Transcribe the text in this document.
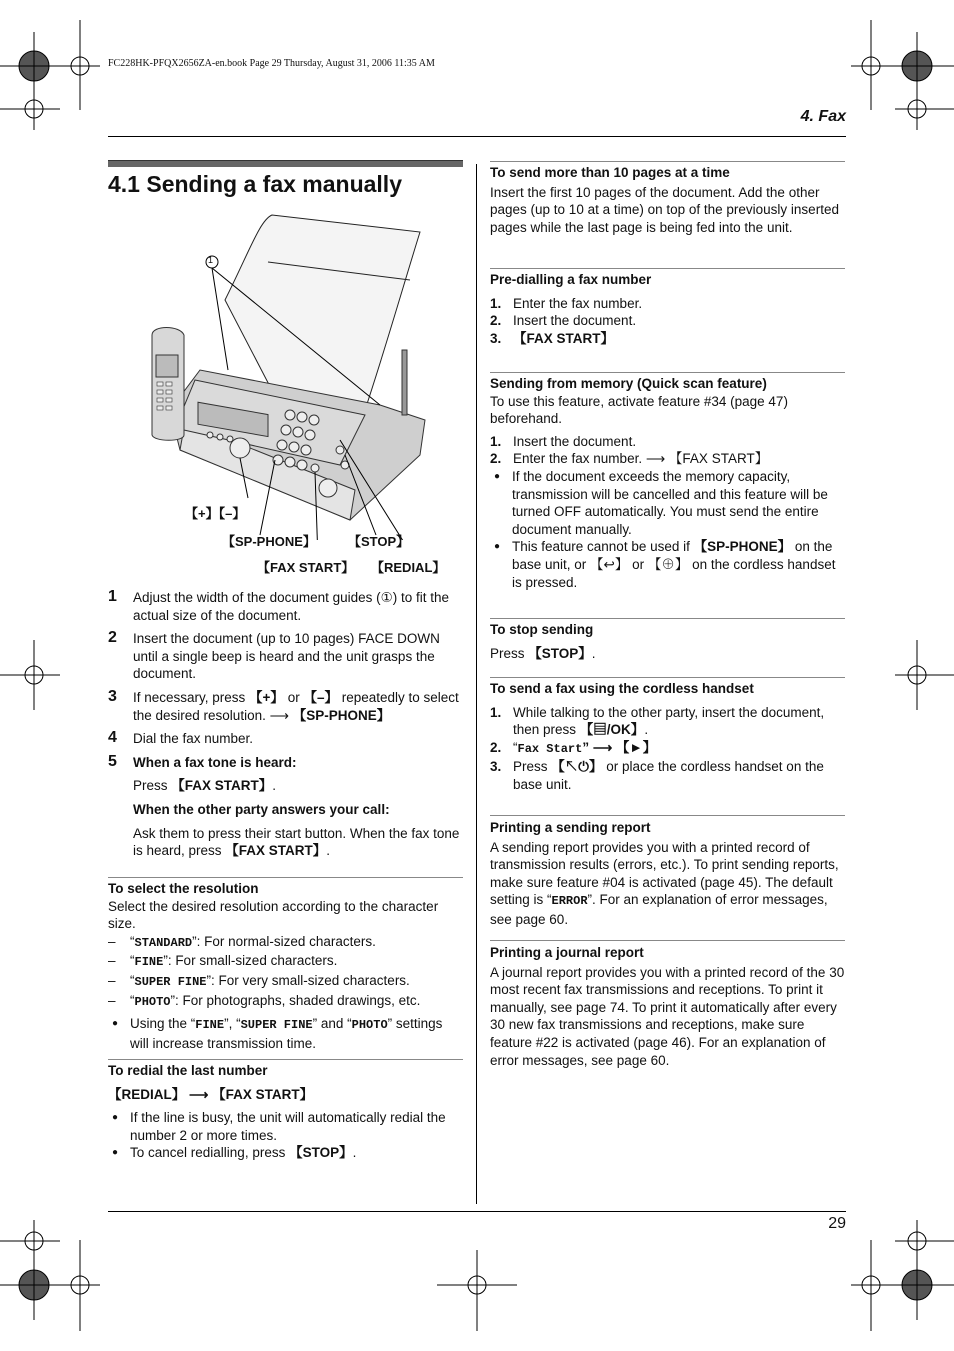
FC228HK-PFQX2656ZA-en.book Page 29 Thursday, August 31, 2006 11:35 AM
4. Fax
4.1 Sending a fax manually
1
【+】【–】
【SP-PHONE】 【STOP】
【FAX START】 【REDIAL】

1 Adjust the width of the document guides (①) to fit the actual size of the document.

2 Insert the document (up to 10 pages) FACE DOWN until a single beep is heard and the unit grasps the document.

3 If necessary, press 【+】 or 【–】 repeatedly to select the desired resolution. ⟶ 【SP-PHONE】

4 Dial the fax number.

5 When a fax tone is heard:

Press 【FAX START】.

When the other party answers your call:

Ask them to press their start button. When the fax tone is heard, press 【FAX START】.

To select the resolution

Select the desired resolution according to the character size.

– “STANDARD”: For normal-sized characters.

– “FINE”: For small-sized characters.

– “SUPER FINE”: For very small-sized characters.

– “PHOTO”: For photographs, shaded drawings, etc.

● Using the “FINE”, “SUPER FINE” and “PHOTO” settings will increase transmission time.

To redial the last number

【REDIAL】 ⟶ 【FAX START】

● If the line is busy, the unit will automatically redial the number 2 or more times.

● To cancel redialling, press 【STOP】.

To send more than 10 pages at a time

Insert the first 10 pages of the document. Add the other pages (up to 10 at a time) on top of the previously inserted pages while the last page is being fed into the unit.

Pre-dialling a fax number

1. Enter the fax number.

2. Insert the document.

3. 【FAX START】

Sending from memory (Quick scan feature)

To use this feature, activate feature #34 (page 47) beforehand.

1. Insert the document.

2. Enter the fax number. ⟶ 【FAX START】

● If the document exceeds the memory capacity, transmission will be cancelled and this feature will be turned OFF automatically. You must send the entire document manually.

● This feature cannot be used if 【SP-PHONE】 on the base unit, or 【↩】 or 【⊕】 on the cordless handset is pressed.

To stop sending

Press 【STOP】.

To send a fax using the cordless handset

1. While talking to the other party, insert the document, then press 【▤/OK】.

2. “Fax Start” ⟶ 【►】

3. Press 【↖⏻】 or place the cordless handset on the base unit.

Printing a sending report

A sending report provides you with a printed record of transmission results (errors, etc.). To print sending reports, make sure feature #04 is activated (page 45). The default setting is “ERROR”. For an explanation of error messages, see page 60.

Printing a journal report

A journal report provides you with a printed record of the 30 most recent fax transmissions and receptions. To print it manually, see page 74. To print it automatically after every 30 new fax transmissions and receptions, make sure feature #22 is activated (page 46). For an explanation of error messages, see page 60.

29
